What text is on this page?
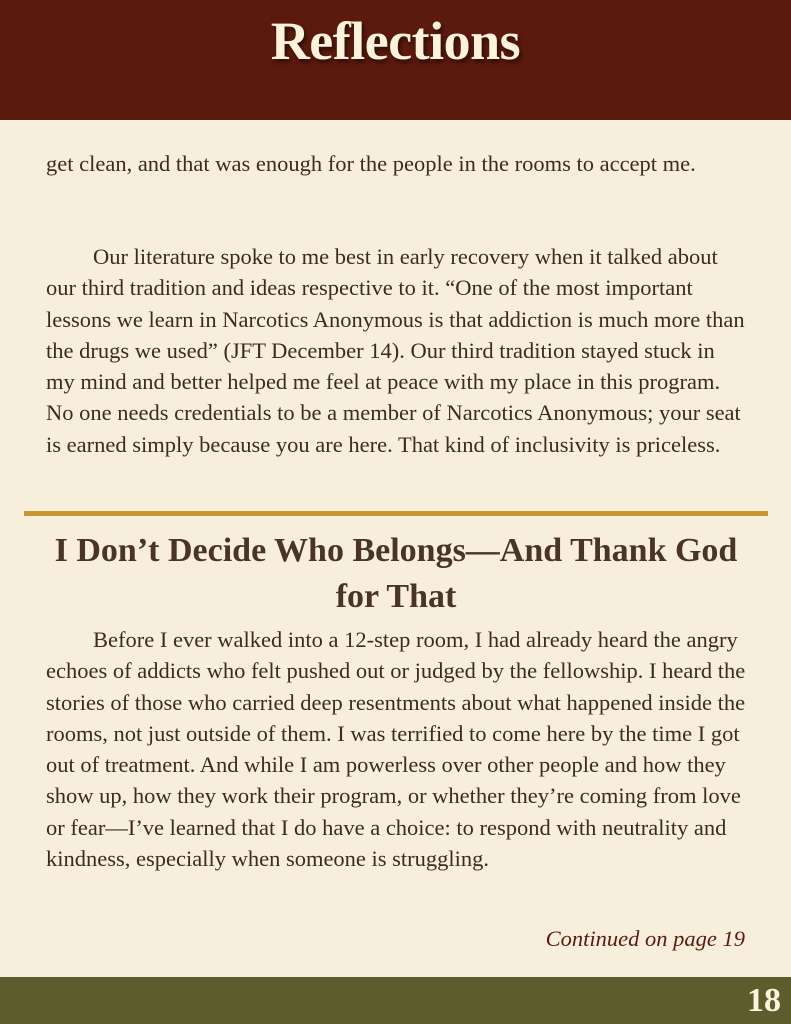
Reflections

get clean, and that was enough for the people in the rooms to accept me.

Our literature spoke to me best in early recovery when it talked about our third tradition and ideas respective to it. “One of the most important lessons we learn in Narcotics Anonymous is that addiction is much more than the drugs we used” (JFT December 14). Our third tradition stayed stuck in my mind and better helped me feel at peace with my place in this program. No one needs credentials to be a member of Narcotics Anonymous; your seat is earned simply because you are here. That kind of inclusivity is priceless.

I Don’t Decide Who Belongs—And Thank God for That

Before I ever walked into a 12-step room, I had already heard the angry echoes of addicts who felt pushed out or judged by the fellowship. I heard the stories of those who carried deep resentments about what happened inside the rooms, not just outside of them. I was terrified to come here by the time I got out of treatment. And while I am powerless over other people and how they show up, how they work their program, or whether they’re coming from love or fear—I’ve learned that I do have a choice: to respond with neutrality and kindness, especially when someone is struggling.

Continued on page 19
18
